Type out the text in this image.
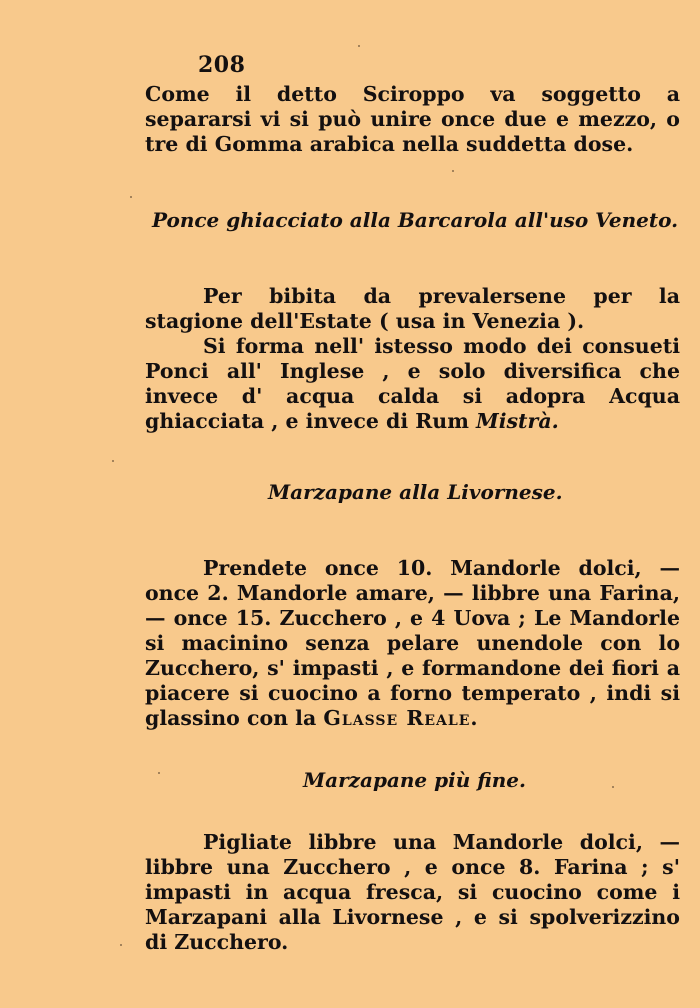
208

Come il detto Sciroppo va soggetto a separarsi vi si può unire once due e mezzo, o tre di Gomma arabica nella suddetta dose.

Ponce ghiacciato alla Barcarola all'uso Veneto.

Per bibita da prevalersene per la stagione dell'Estate ( usa in Venezia ).

Si forma nell' istesso modo dei consueti Ponci all' Inglese , e solo diversifica che invece d' acqua calda si adopra Acqua ghiacciata , e invece di Rum Mistrà.

Marzapane alla Livornese.

Prendete once 10. Mandorle dolci, — once 2. Mandorle amare, — libbre una Farina, — once 15. Zucchero , e 4 Uova ; Le Mandorle si macinino senza pelare unendole con lo Zucchero, s' impasti , e formandone dei fiori a piacere si cuocino a forno temperato , indi si glassino con la Glasse Reale.

Marzapane più fine.

Pigliate libbre una Mandorle dolci, — libbre una Zucchero , e once 8. Farina ; s' impasti in acqua fresca, si cuocino come i Marzapani alla Livornese , e si spolverizzino di Zucchero.
